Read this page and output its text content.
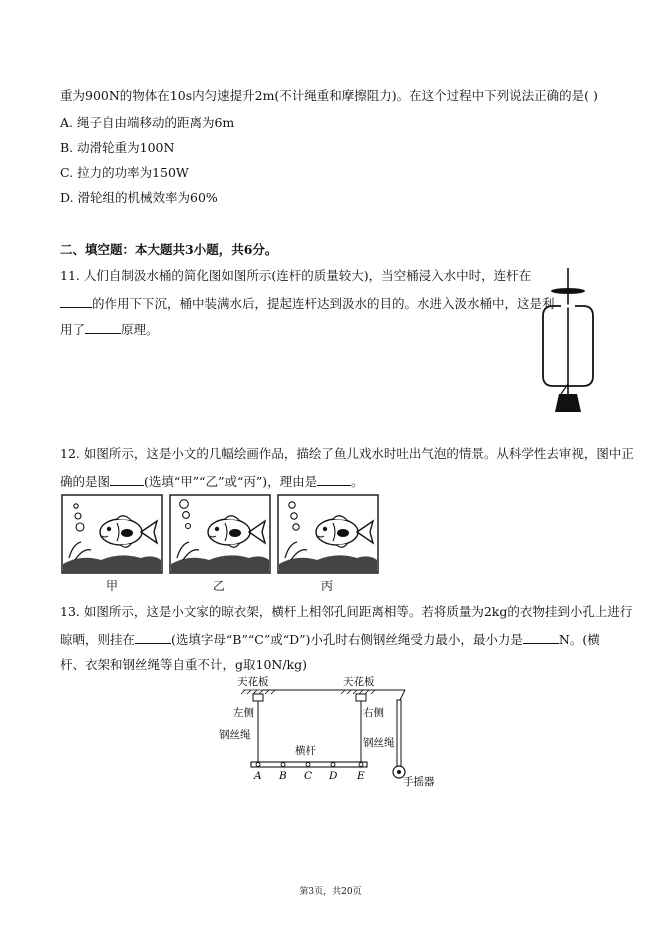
重为900N的物体在10s内匀速提升2m(不计绳重和摩擦阻力)。在这个过程中下列说法正确的是( )
A. 绳子自由端移动的距离为6m
B. 动滑轮重为100N
C. 拉力的功率为150W
D. 滑轮组的机械效率为60%
二、填空题：本大题共3小题，共6分。
11. 人们自制汲水桶的简化图如图所示(连杆的质量较大)，当空桶浸入水中时，连杆在
的作用下下沉，桶中装满水后，提起连杆达到汲水的目的。水进入汲水桶中，这是利
用了	原理。
12. 如图所示，这是小文的几幅绘画作品，描绘了鱼儿戏水时吐出气泡的情景。从科学性去审视，图中正
确的是图	(选填“甲”“乙”或“丙”)，理由是	。
甲	乙	丙
13. 如图所示，这是小文家的晾衣架，横杆上相邻孔间距离相等。若将质量为2kg的衣物挂到小孔上进行
晾晒，则挂在	(选填字母“B”“C”或“D”)小孔时右侧钢丝绳受力最小，最小力是	N。(横
杆、衣架和钢丝绳等自重不计，g取10N/kg)
天花板	天花板
左侧	右侧
钢丝绳
钢丝绳
横杆
A B C D E	手摇器
第3页，共20页
